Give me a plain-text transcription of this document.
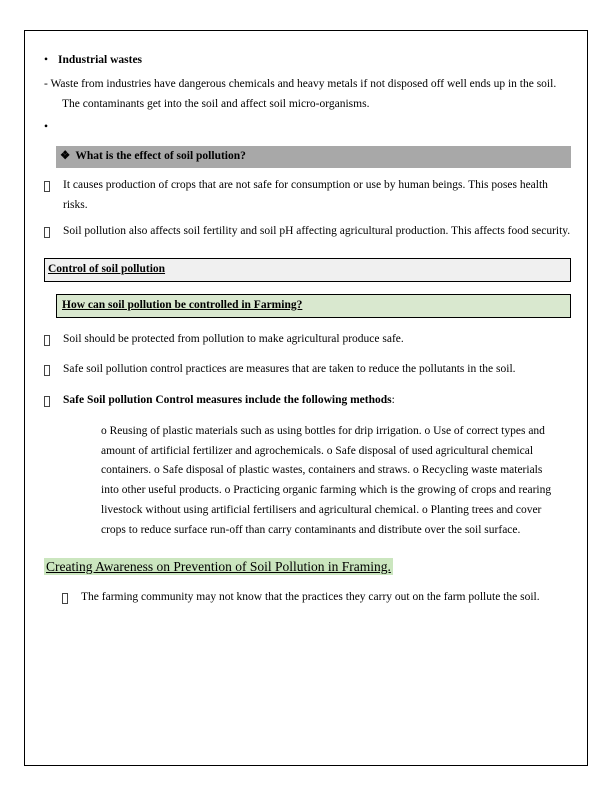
• Industrial wastes
- Waste from industries have dangerous chemicals and heavy metals if not disposed off well ends up in the soil. The contaminants get into the soil and affect soil micro-organisms.
•
❖ What is the effect of soil pollution?
It causes production of crops that are not safe for consumption or use by human beings. This poses health risks.
Soil pollution also affects soil fertility and soil pH affecting agricultural production. This affects food security.
Control of soil pollution
How can soil pollution be controlled in Farming?
Soil should be protected from pollution to make agricultural produce safe.
Safe soil pollution control practices are measures that are taken to reduce the pollutants in the soil.
Safe Soil pollution Control measures include the following methods:
o Reusing of plastic materials such as using bottles for drip irrigation. o Use of correct types and amount of artificial fertilizer and agrochemicals. o Safe disposal of used agricultural chemical containers. o Safe disposal of plastic wastes, containers and straws. o Recycling waste materials into other useful products. o Practicing organic farming which is the growing of crops and rearing livestock without using artificial fertilisers and agricultural chemical. o Planting trees and cover crops to reduce surface run-off than carry contaminants and distribute over the soil surface.
Creating Awareness on Prevention of Soil Pollution in Framing.
The farming community may not know that the practices they carry out on the farm pollute the soil.
